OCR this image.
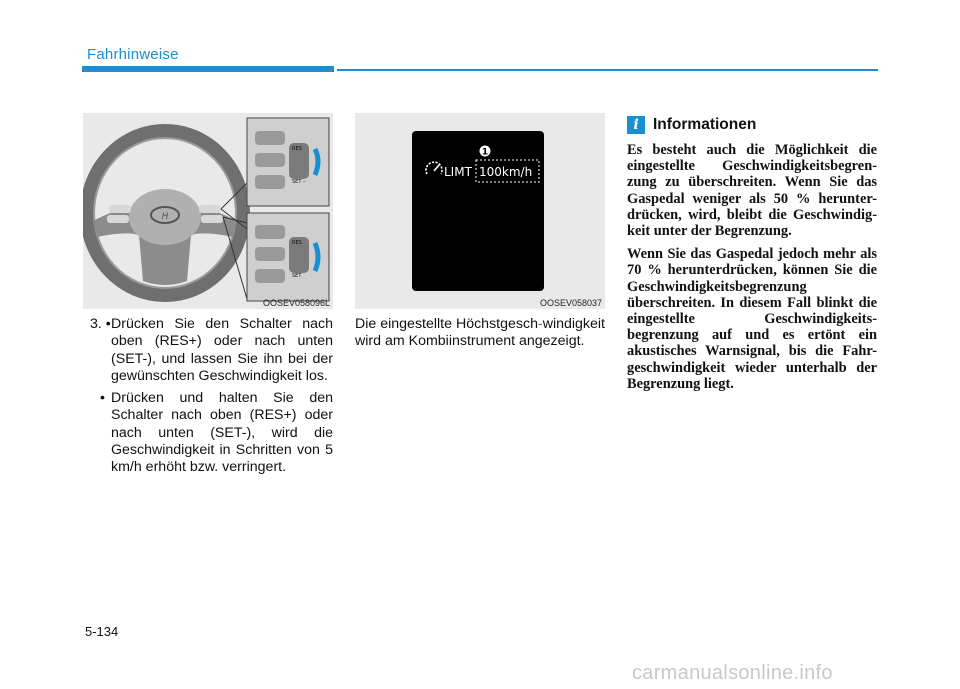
Fahrhinweise
H
RES
SET –
RES
SET
OOSEV058096L
1
LIMT 100km/h
OOSEV058037
3. • Drücken Sie den Schalter nach oben (RES+) oder nach unten (SET-), und lassen Sie ihn bei der gewünschten Geschwindigkeit los.
• Drücken und halten Sie den Schalter nach oben (RES+) oder nach unten (SET-), wird die Geschwindigkeit in Schritten von 5 km/h erhöht bzw. verringert.
Die eingestellte Höchstgesch-windigkeit wird am Kombiinstrument angezeigt.
i Informationen

Es besteht auch die Möglichkeit die eingestellte Geschwindigkeitsbegren- zung zu überschreiten. Wenn Sie das Gaspedal weniger als 50 % herunter- drücken, wird, bleibt die Geschwindig- keit unter der Begrenzung.

Wenn Sie das Gaspedal jedoch mehr als 70 % herunterdrücken, können Sie die Geschwindigkeitsbegrenzung überschreiten. In diesem Fall blinkt die eingestellte Geschwindigkeits- begrenzung auf und es ertönt ein akustisches Warnsignal, bis die Fahr- geschwindigkeit wieder unterhalb der Begrenzung liegt.

5-134
carmanualsonline.info
